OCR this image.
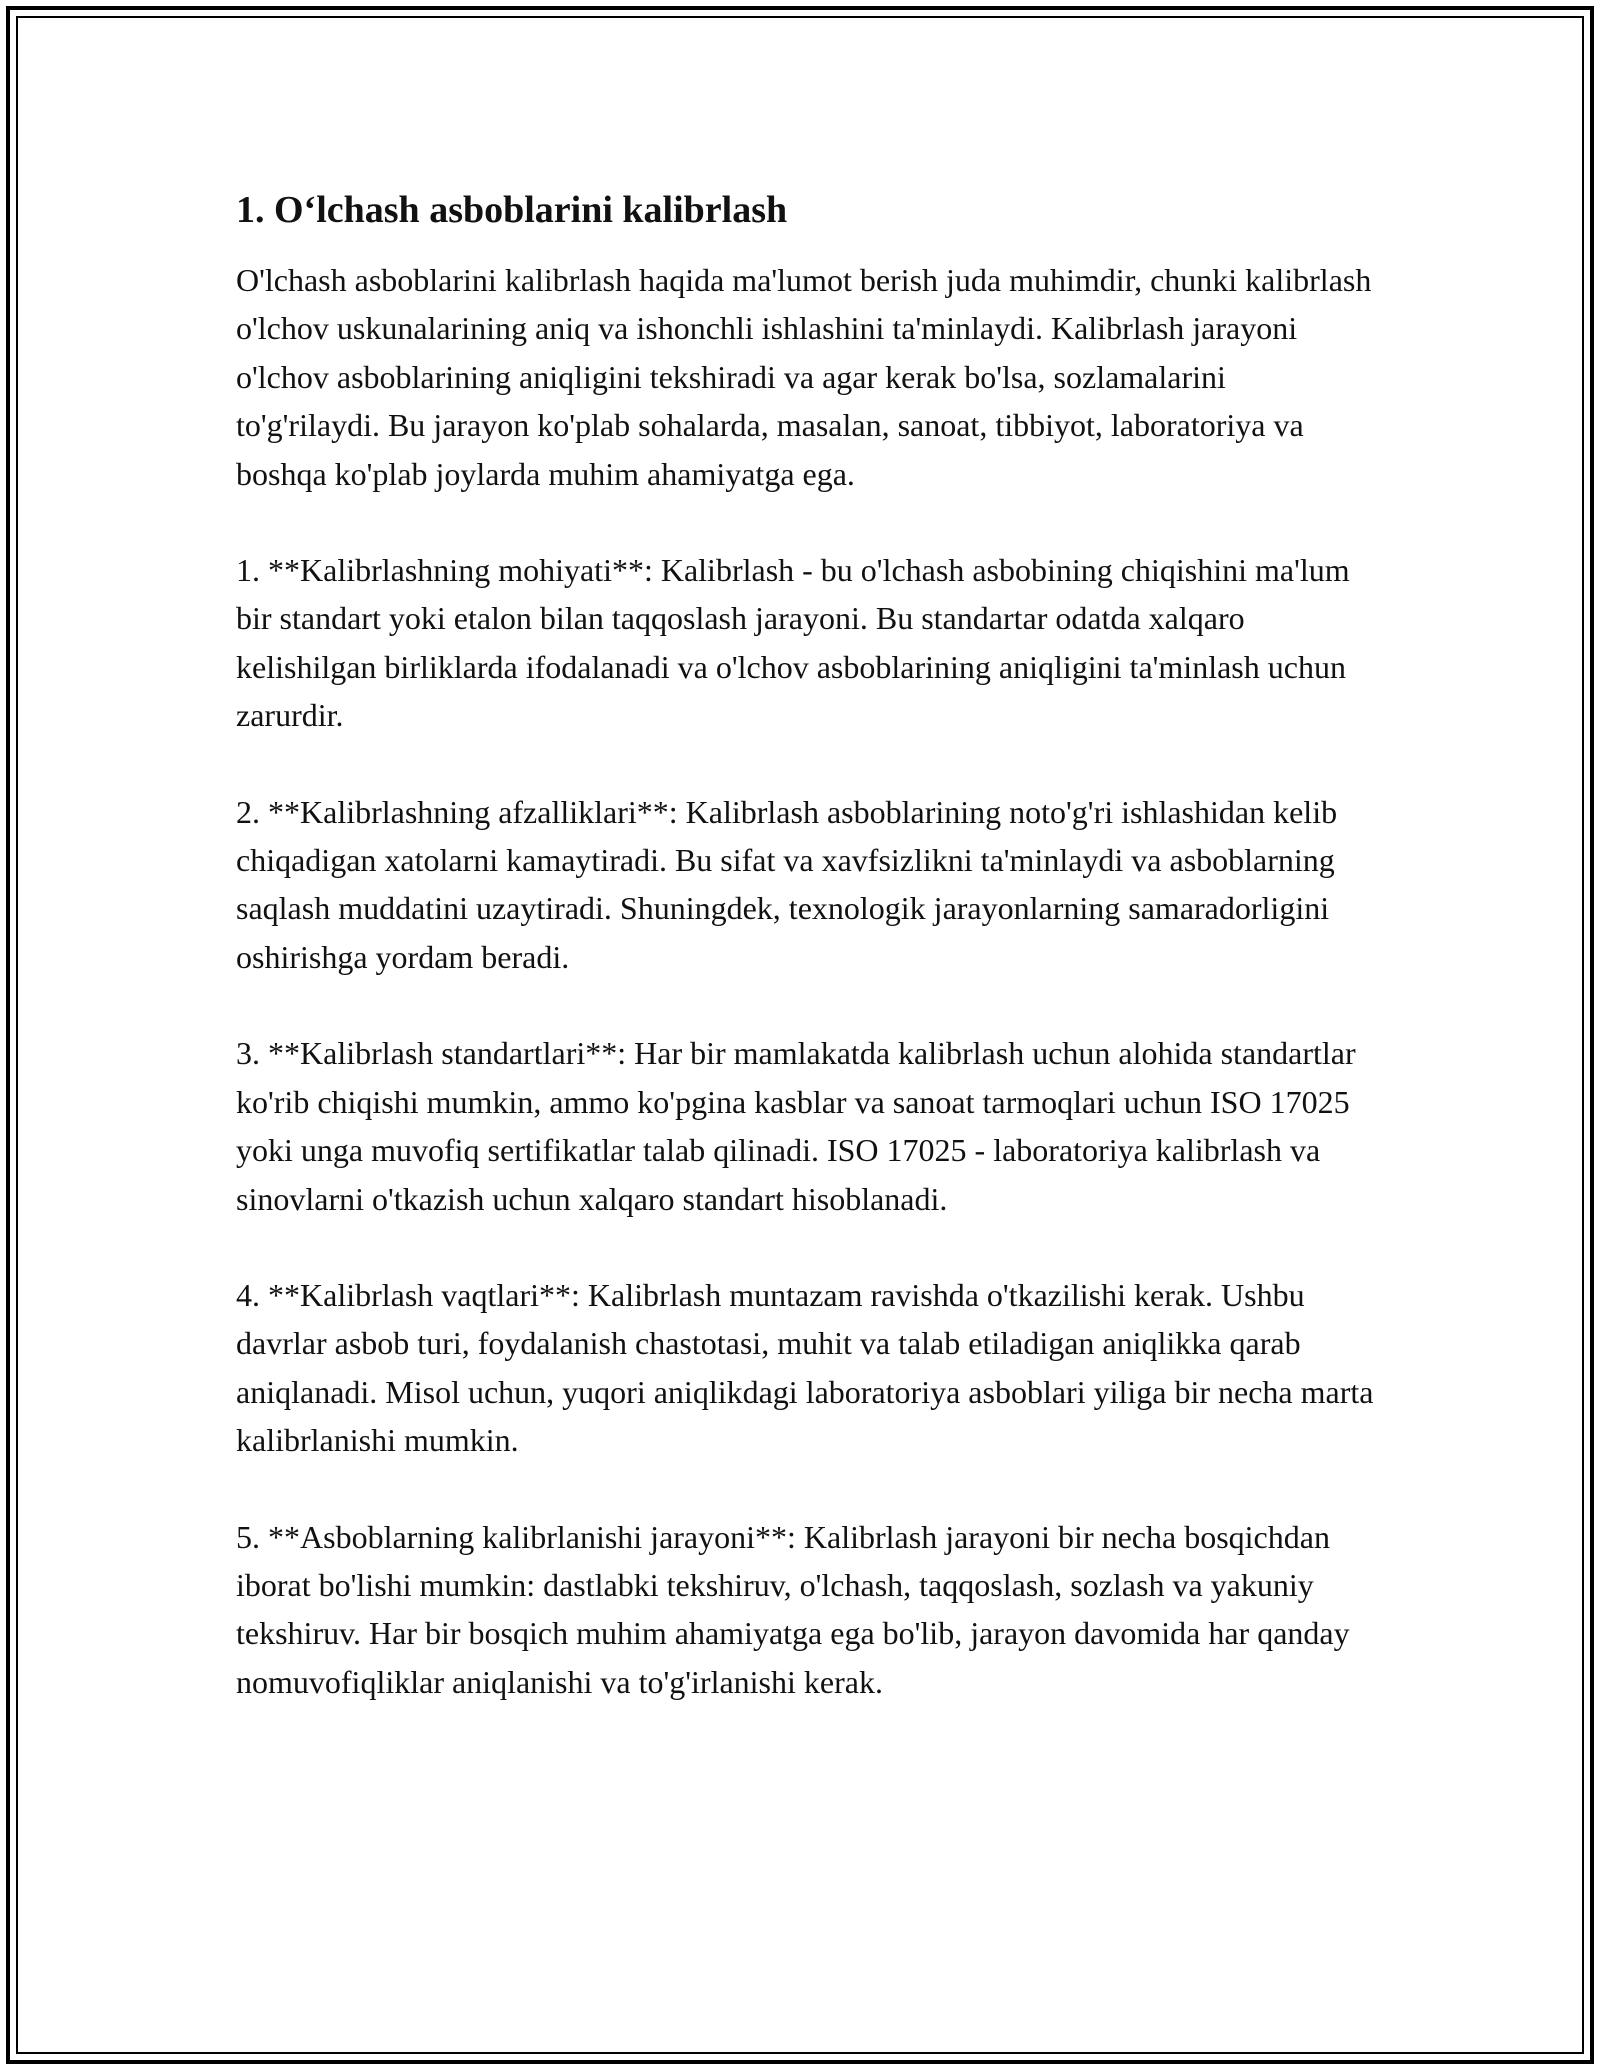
1. O‘lchash asboblarini kalibrlash

O'lchash asboblarini kalibrlash haqida ma'lumot berish juda muhimdir, chunki kalibrlash o'lchov uskunalarining aniq va ishonchli ishlashini ta'minlaydi. Kalibrlash jarayoni o'lchov asboblarining aniqligini tekshiradi va agar kerak bo'lsa, sozlamalarini to'g'rilaydi. Bu jarayon ko'plab sohalarda, masalan, sanoat, tibbiyot, laboratoriya va boshqa ko'plab joylarda muhim ahamiyatga ega.

1. **Kalibrlashning mohiyati**: Kalibrlash - bu o'lchash asbobining chiqishini ma'lum bir standart yoki etalon bilan taqqoslash jarayoni. Bu standartar odatda xalqaro kelishilgan birliklarda ifodalanadi va o'lchov asboblarining aniqligini ta'minlash uchun zarurdir.

2. **Kalibrlashning afzalliklari**: Kalibrlash asboblarining noto'g'ri ishlashidan kelib chiqadigan xatolarni kamaytiradi. Bu sifat va xavfsizlikni ta'minlaydi va asboblarning saqlash muddatini uzaytiradi. Shuningdek, texnologik jarayonlarning samaradorligini oshirishga yordam beradi.

3. **Kalibrlash standartlari**: Har bir mamlakatda kalibrlash uchun alohida standartlar ko'rib chiqishi mumkin, ammo ko'pgina kasblar va sanoat tarmoqlari uchun ISO 17025 yoki unga muvofiq sertifikatlar talab qilinadi. ISO 17025 - laboratoriya kalibrlash va sinovlarni o'tkazish uchun xalqaro standart hisoblanadi.

4. **Kalibrlash vaqtlari**: Kalibrlash muntazam ravishda o'tkazilishi kerak. Ushbu davrlar asbob turi, foydalanish chastotasi, muhit va talab etiladigan aniqlikka qarab aniqlanadi. Misol uchun, yuqori aniqlikdagi laboratoriya asboblari yiliga bir necha marta kalibrlanishi mumkin.

5. **Asboblarning kalibrlanishi jarayoni**: Kalibrlash jarayoni bir necha bosqichdan iborat bo'lishi mumkin: dastlabki tekshiruv, o'lchash, taqqoslash, sozlash va yakuniy tekshiruv. Har bir bosqich muhim ahamiyatga ega bo'lib, jarayon davomida har qanday nomuvofiqliklar aniqlanishi va to'g'irlanishi kerak.
